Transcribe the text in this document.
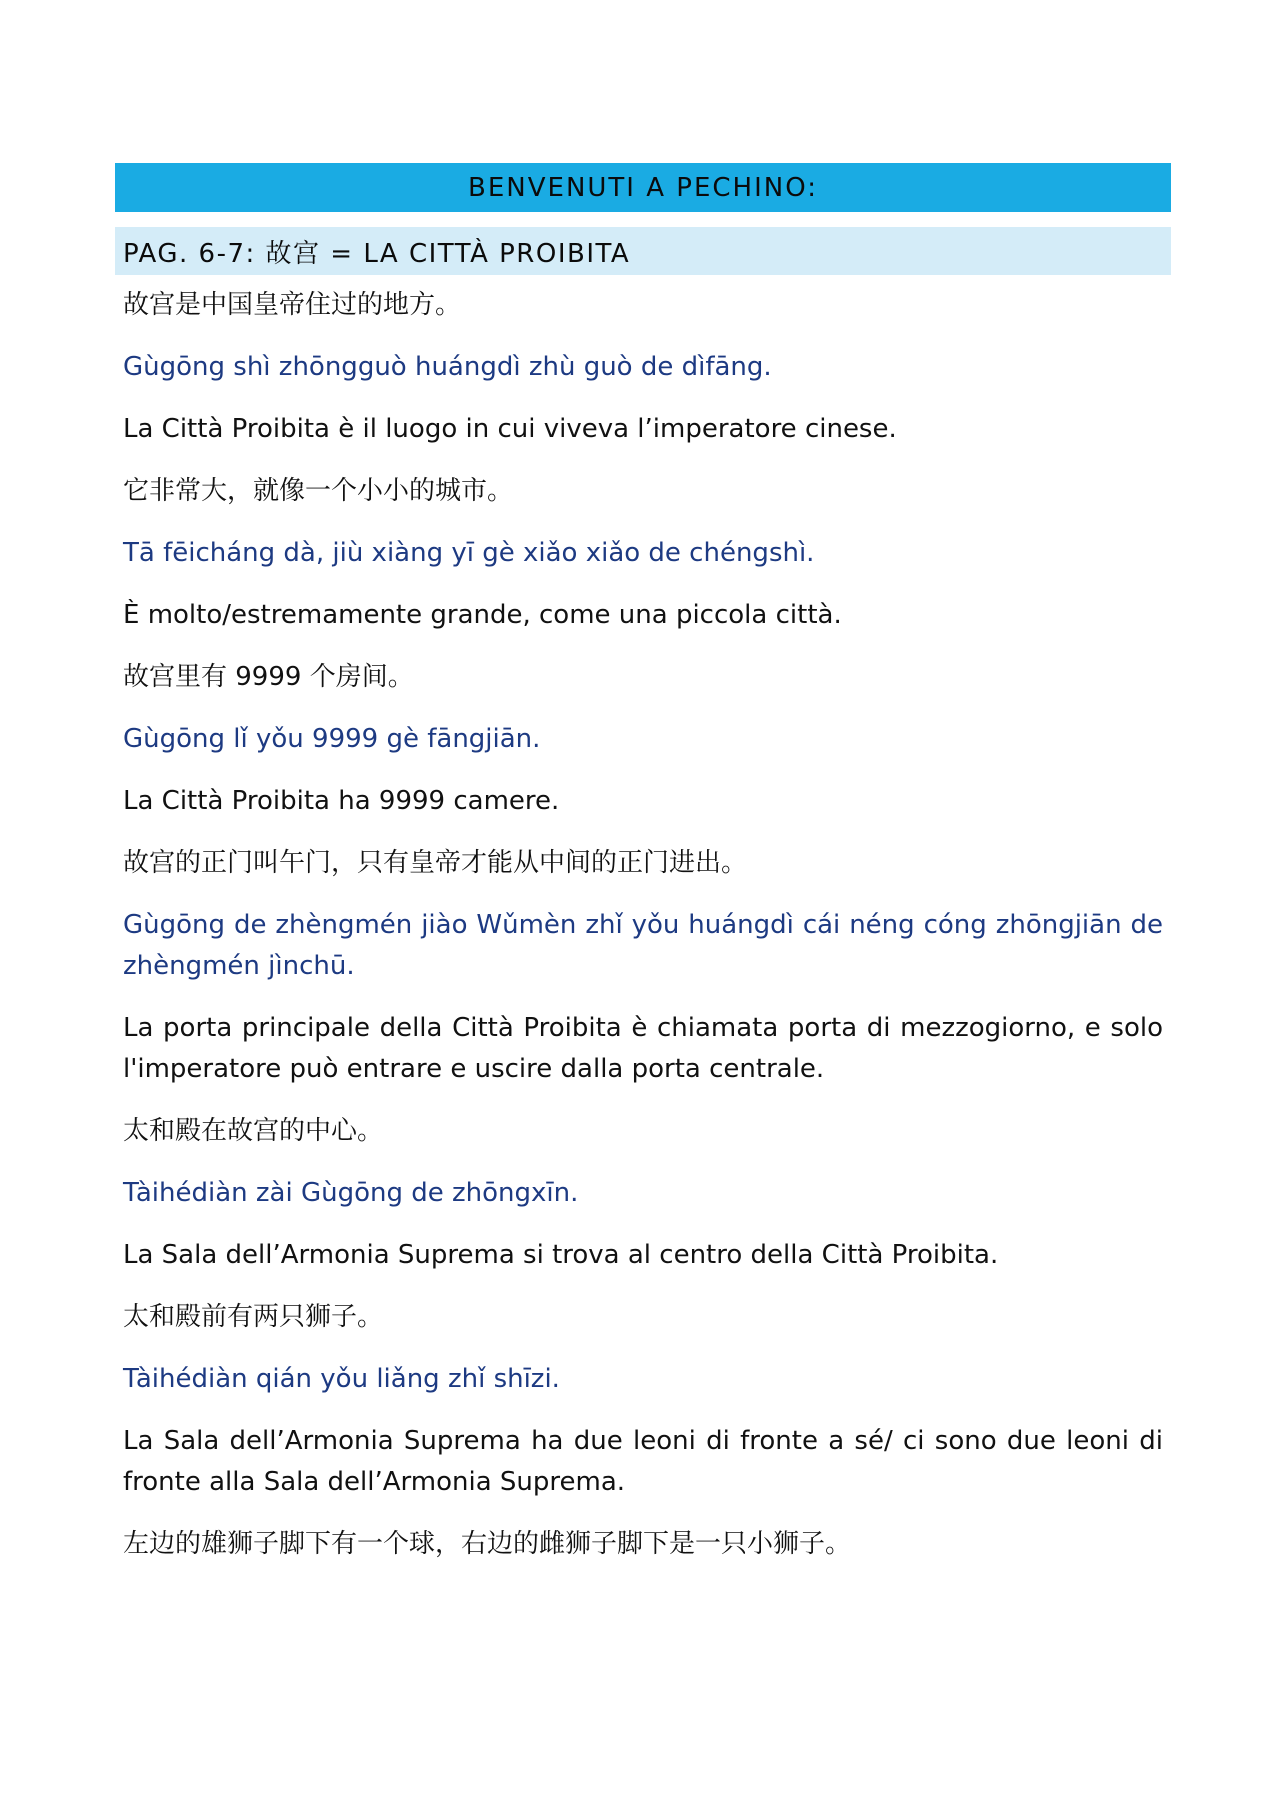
BENVENUTI A PECHINO:
PAG. 6-7: 故宫 = LA CITTÀ PROIBITA
故宫是中国皇帝住过的地方。
Gùgōng shì zhōngguò huángdì zhù guò de dìfāng.
La Città Proibita è il luogo in cui viveva l’imperatore cinese.
它非常大，就像一个小小的城市。
Tā fēicháng dà, jiù xiàng yī gè xiǎo xiǎo de chéngshì.
È molto/estremamente grande, come una piccola città.
故宫里有 9999 个房间。
Gùgōng lǐ yǒu 9999 gè fāngjiān.
La Città Proibita ha 9999 camere.
故宫的正门叫午门，只有皇帝才能从中间的正门进出。
Gùgōng de zhèngmén jiào Wǔmèn zhǐ yǒu huángdì cái néng cóng zhōngjiān de zhèngmén jìnchū.
La porta principale della Città Proibita è chiamata porta di mezzogiorno, e solo l'imperatore può entrare e uscire dalla porta centrale.
太和殿在故宫的中心。
Tàihédiàn zài Gùgōng de zhōngxīn.
La Sala dell’Armonia Suprema si trova al centro della Città Proibita.
太和殿前有两只狮子。
Tàihédiàn qián yǒu liǎng zhǐ shīzi.
La Sala dell’Armonia Suprema ha due leoni di fronte a sé/ ci sono due leoni di fronte alla Sala dell’Armonia Suprema.
左边的雄狮子脚下有一个球，右边的雌狮子脚下是一只小狮子。
